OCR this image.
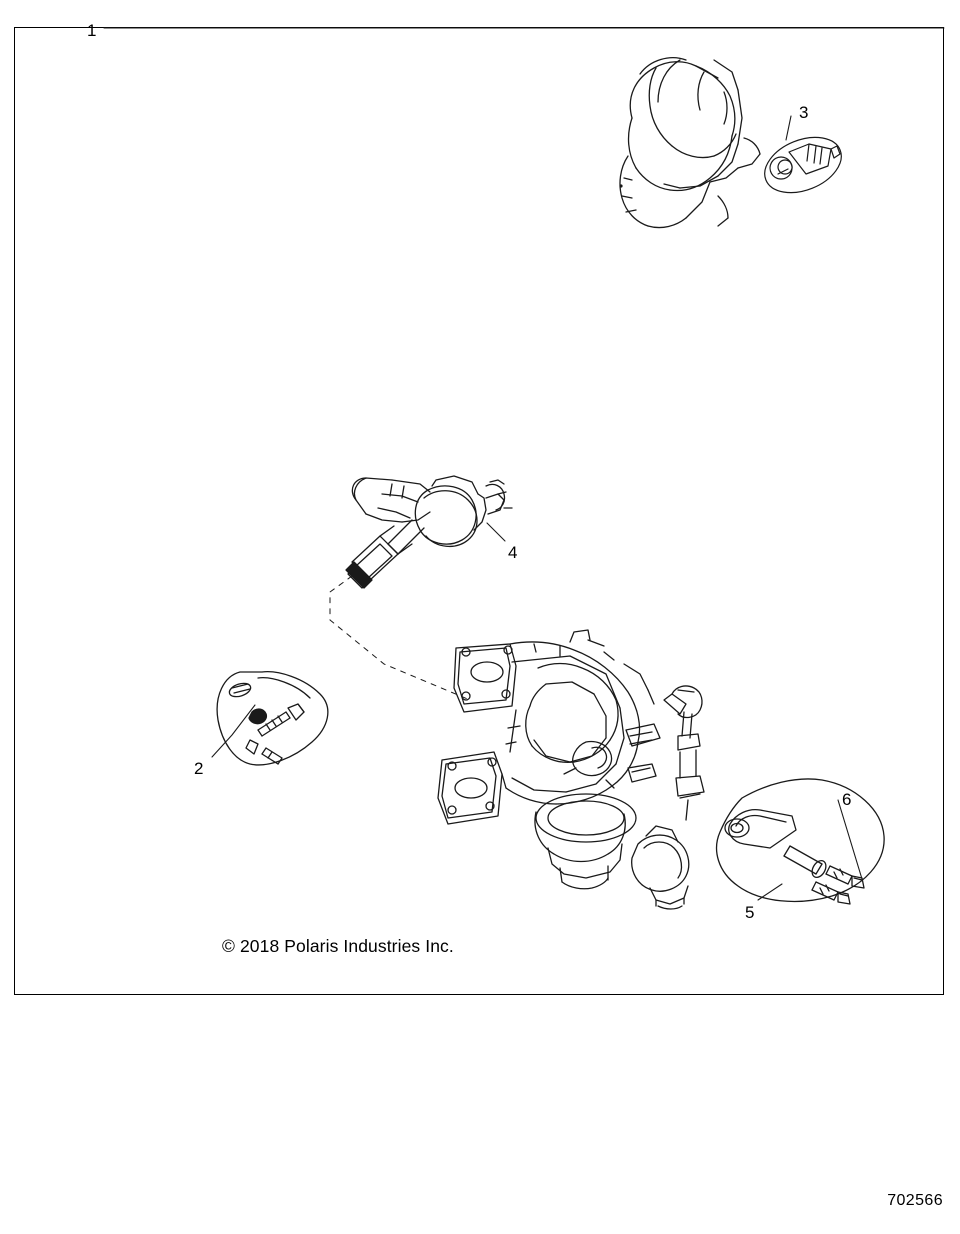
1
3
4
2
6
5
© 2018 Polaris Industries Inc.
702566
